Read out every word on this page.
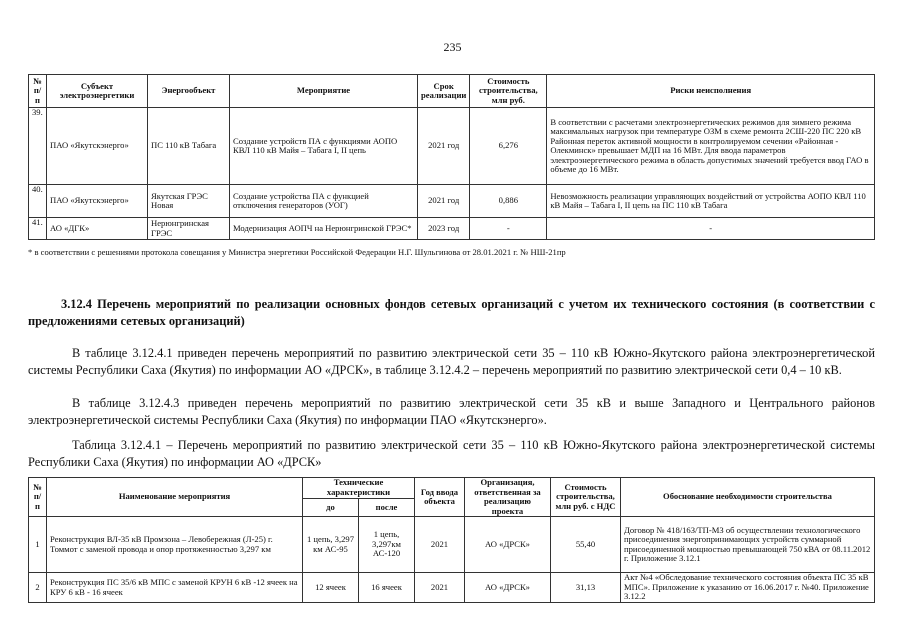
235
№ п/п	Субъект электроэнергетики	Энергообъект	Мероприятие	Срок реализации	Стоимость строительства, млн руб.	Риски неисполнения
39.	ПАО «Якутскэнерго»	ПС 110 кВ Табага	Создание устройств ПА с функциями АОПО КВЛ 110 кВ Майя – Табага I, II цепь	2021 год	6,276	В соответствии с расчетами электроэнергетических режимов для зимнего режима максимальных нагрузок при температуре ОЗМ в схеме ремонта 2СШ-220 ПС 220 кВ Районная переток активной мощности в контролируемом сечении «Районная - Олекминск» превышает МДП на 16 МВт. Для ввода параметров электроэнергетического режима в область допустимых значений требуется ввод ГАО в объеме до 16 МВт.
40.	ПАО «Якутскэнерго»	Якутская ГРЭС Новая	Создание устройства ПА с функцией отключения генераторов (УОГ)	2021 год	0,886	Невозможность реализации управляющих воздействий от устройства АОПО КВЛ 110 кВ Майя – Табага I, II цепь на ПС 110 кВ Табага
41.	АО «ДГК»	Нерюнгринская ГРЭС	Модернизация АОПЧ на Нерюнгринской ГРЭС*	2023 год	-	-
* в соответствии с решениями протокола совещания у Министра энергетики Российской Федерации Н.Г. Шульгинова от 28.01.2021 г. № НШ-21пр
3.12.4 Перечень мероприятий по реализации основных фондов сетевых организаций с учетом их технического состояния (в соответствии с предложениями сетевых организаций)
В таблице 3.12.4.1 приведен перечень мероприятий по развитию электрической сети 35 – 110 кВ Южно-Якутского района электроэнергетической системы Республики Саха (Якутия) по информации АО «ДРСК», в таблице 3.12.4.2 – перечень мероприятий по развитию электрической сети 0,4 – 10 кВ.
В таблице 3.12.4.3 приведен перечень мероприятий по развитию электрической сети 35 кВ и выше Западного и Центрального районов электроэнергетической системы Республики Саха (Якутия) по информации ПАО «Якутскэнерго».
Таблица 3.12.4.1 – Перечень мероприятий по развитию электрической сети 35 – 110 кВ Южно-Якутского района электроэнергетической системы Республики Саха (Якутия) по информации АО «ДРСК»
№ п/п	Наименование мероприятия	Технические характеристики		Год ввода объекта	Организация, ответственная за реализацию проекта	Стоимость строительства, млн руб. с НДС	Обоснование необходимости строительства
		до	после				
1	Реконструкция ВЛ-35 кВ Промзона – Левобережная (Л-25) г. Томмот с заменой провода и опор протяженностью 3,297 км	1 цепь, 3,297 км АС-95	1 цепь, 3,297км АС-120	2021	АО «ДРСК»	55,40	Договор № 418/16З/ТП-МЗ об осуществлении технологического присоединения энергопринимающих устройств суммарной присоединенной мощностью превышающей 750 кВА от 08.11.2012 г. Приложение 3.12.1
2	Реконструкция ПС 35/6 кВ МПС с заменой КРУН 6 кВ -12 ячеек на КРУ 6 кВ - 16 ячеек	12 ячеек	16 ячеек	2021	АО «ДРСК»	31,13	Акт №4 «Обследование технического состояния объекта ПС 35 кВ МПС». Приложение к указанию от 16.06.2017 г. №40. Приложение 3.12.2
